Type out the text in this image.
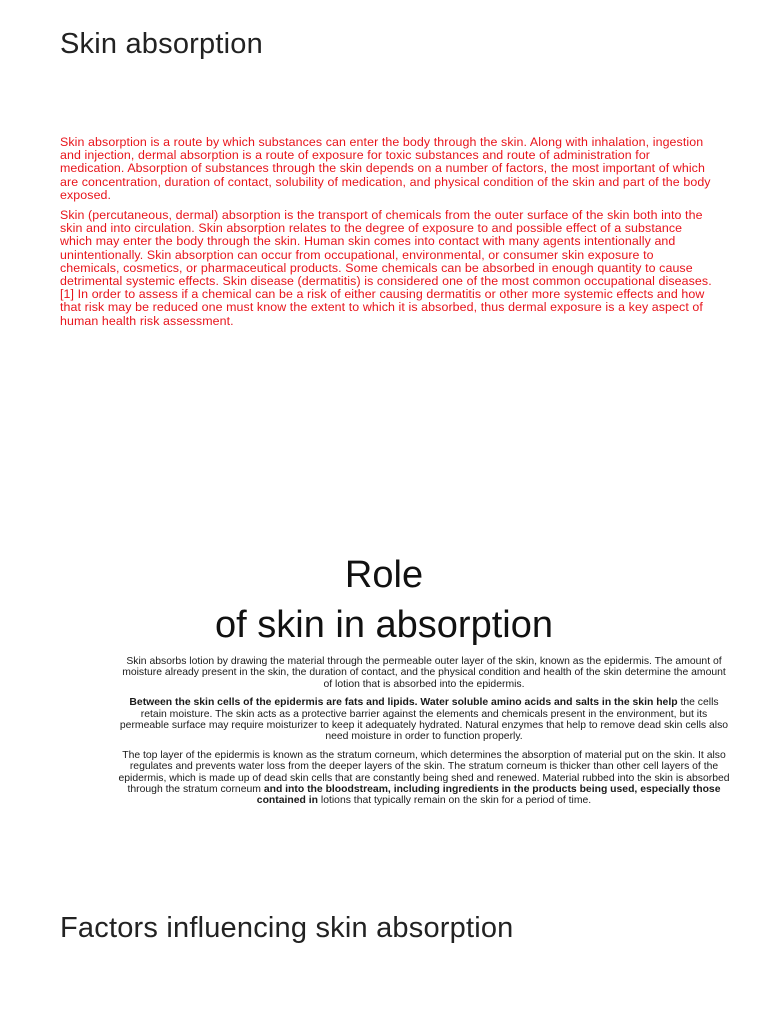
Skin absorption

Skin absorption is a route by which substances can enter the body through the skin. Along with inhalation, ingestion and injection, dermal absorption is a route of exposure for toxic substances and route of administration for medication. Absorption of substances through the skin depends on a number of factors, the most important of which are concentration, duration of contact, solubility of medication, and physical condition of the skin and part of the body exposed.

Skin (percutaneous, dermal) absorption is the transport of chemicals from the outer surface of the skin both into the skin and into circulation. Skin absorption relates to the degree of exposure to and possible effect of a substance which may enter the body through the skin. Human skin comes into contact with many agents intentionally and unintentionally. Skin absorption can occur from occupational, environmental, or consumer skin exposure to chemicals, cosmetics, or pharmaceutical products. Some chemicals can be absorbed in enough quantity to cause detrimental systemic effects. Skin disease (dermatitis) is considered one of the most common occupational diseases.[1] In order to assess if a chemical can be a risk of either causing dermatitis or other more systemic effects and how that risk may be reduced one must know the extent to which it is absorbed, thus dermal exposure is a key aspect of human health risk assessment.

Role
of skin in absorption

Skin absorbs lotion by drawing the material through the permeable outer layer of the skin, known as the epidermis. The amount of moisture already present in the skin, the duration of contact, and the physical condition and health of the skin determine the amount of lotion that is absorbed into the epidermis.

Between the skin cells of the epidermis are fats and lipids. Water soluble amino acids and salts in the skin help the cells retain moisture. The skin acts as a protective barrier against the elements and chemicals present in the environment, but its permeable surface may require moisturizer to keep it adequately hydrated. Natural enzymes that help to remove dead skin cells also need moisture in order to function properly.

The top layer of the epidermis is known as the stratum corneum, which determines the absorption of material put on the skin. It also regulates and prevents water loss from the deeper layers of the skin. The stratum corneum is thicker than other cell layers of the epidermis, which is made up of dead skin cells that are constantly being shed and renewed. Material rubbed into the skin is absorbed through the stratum corneum and into the bloodstream, including ingredients in the products being used, especially those contained in lotions that typically remain on the skin for a period of time.

Factors influencing skin absorption
